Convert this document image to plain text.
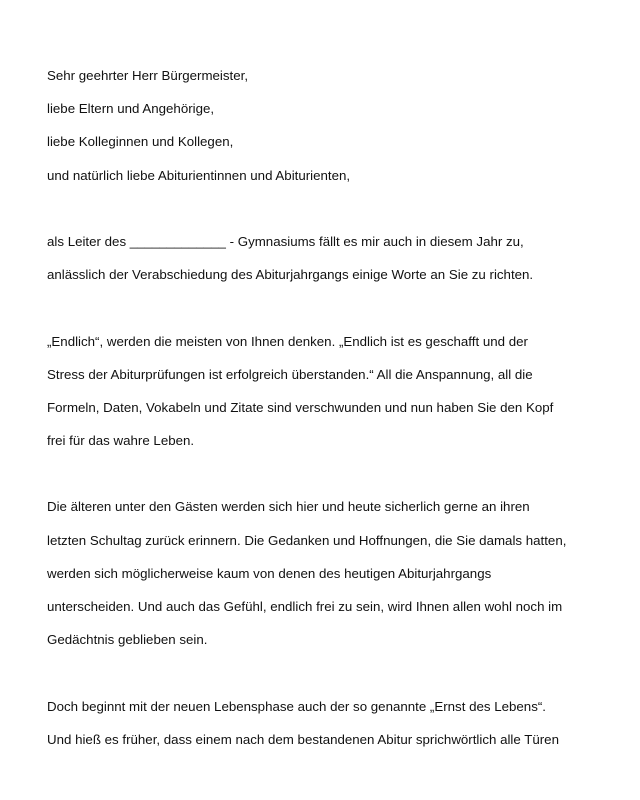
Sehr geehrter Herr Bürgermeister,
liebe Eltern und Angehörige,
liebe Kolleginnen und Kollegen,
und natürlich liebe Abiturientinnen und Abiturienten,
als Leiter des _____________ - Gymnasiums fällt es mir auch in diesem Jahr zu,
anlässlich der Verabschiedung des Abiturjahrgangs einige Worte an Sie zu richten.
„Endlich“, werden die meisten von Ihnen denken. „Endlich ist es geschafft und der
Stress der Abiturprüfungen ist erfolgreich überstanden.“ All die Anspannung, all die
Formeln, Daten, Vokabeln und Zitate sind verschwunden und nun haben Sie den Kopf
frei für das wahre Leben.
Die älteren unter den Gästen werden sich hier und heute sicherlich gerne an ihren
letzten Schultag zurück erinnern. Die Gedanken und Hoffnungen, die Sie damals hatten,
werden sich möglicherweise kaum von denen des heutigen Abiturjahrgangs
unterscheiden. Und auch das Gefühl, endlich frei zu sein, wird Ihnen allen wohl noch im
Gedächtnis geblieben sein.
Doch beginnt mit der neuen Lebensphase auch der so genannte „Ernst des Lebens“.
Und hieß es früher, dass einem nach dem bestandenen Abitur sprichwörtlich alle Türen
